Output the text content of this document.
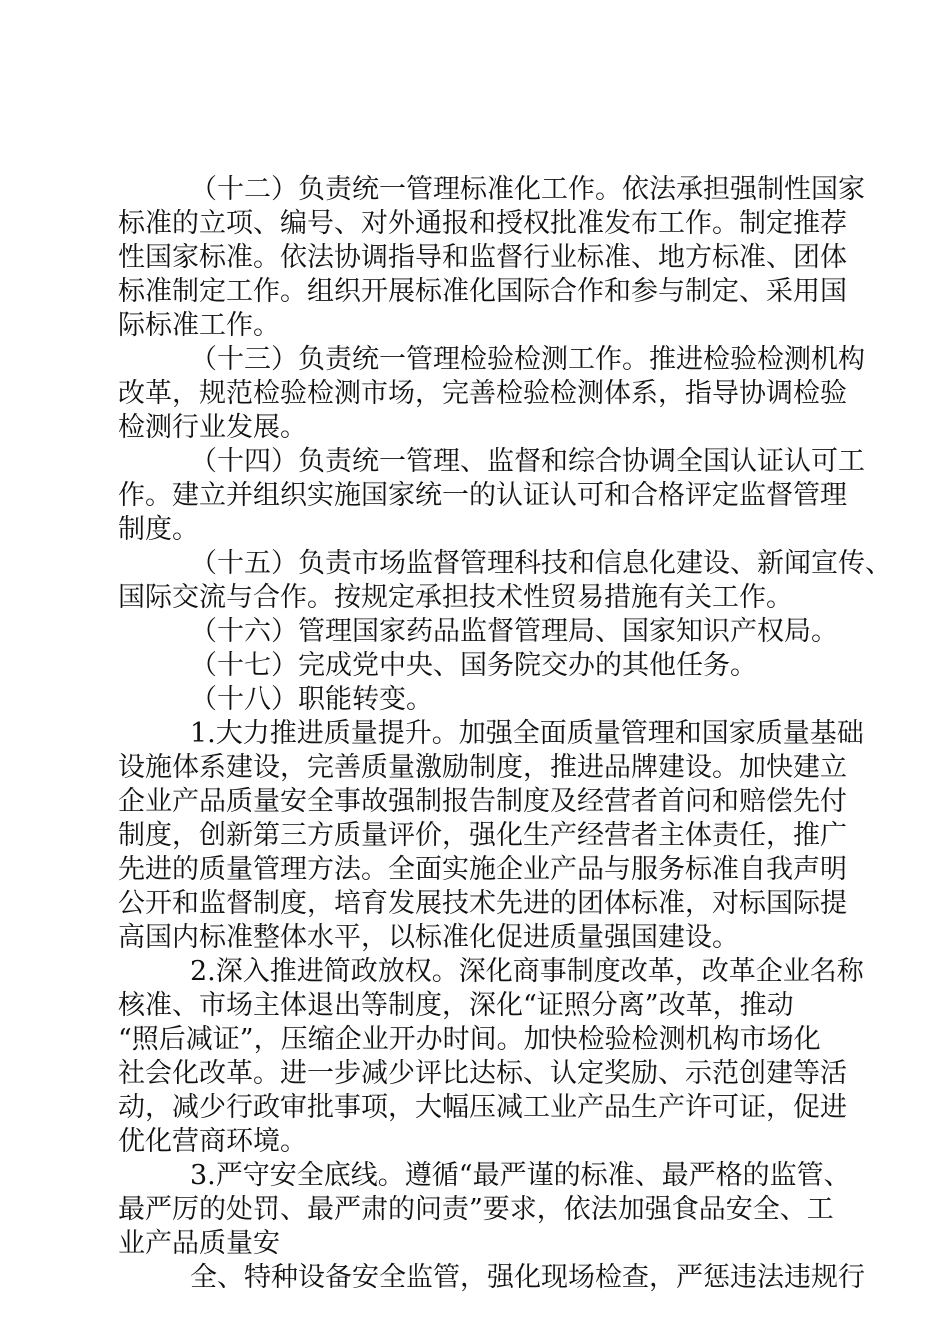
（十二）负责统一管理标准化工作。依法承担强制性国家
标准的立项、编号、对外通报和授权批准发布工作。制定推荐
性国家标准。依法协调指导和监督行业标准、地方标准、团体
标准制定工作。组织开展标准化国际合作和参与制定、采用国
际标准工作。
（十三）负责统一管理检验检测工作。推进检验检测机构
改革，规范检验检测市场，完善检验检测体系，指导协调检验
检测行业发展。
（十四）负责统一管理、监督和综合协调全国认证认可工
作。建立并组织实施国家统一的认证认可和合格评定监督管理
制度。
（十五）负责市场监督管理科技和信息化建设、新闻宣传、
国际交流与合作。按规定承担技术性贸易措施有关工作。
（十六）管理国家药品监督管理局、国家知识产权局。
（十七）完成党中央、国务院交办的其他任务。
（十八）职能转变。
1.大力推进质量提升。加强全面质量管理和国家质量基础
设施体系建设，完善质量激励制度，推进品牌建设。加快建立
企业产品质量安全事故强制报告制度及经营者首问和赔偿先付
制度，创新第三方质量评价，强化生产经营者主体责任，推广
先进的质量管理方法。全面实施企业产品与服务标准自我声明
公开和监督制度，培育发展技术先进的团体标准，对标国际提
高国内标准整体水平，以标准化促进质量强国建设。
2.深入推进简政放权。深化商事制度改革，改革企业名称
核准、市场主体退出等制度，深化“证照分离”改革，推动
“照后减证”，压缩企业开办时间。加快检验检测机构市场化
社会化改革。进一步减少评比达标、认定奖励、示范创建等活
动，减少行政审批事项，大幅压减工业产品生产许可证，促进
优化营商环境。
3.严守安全底线。遵循“最严谨的标准、最严格的监管、
最严厉的处罚、最严肃的问责”要求，依法加强食品安全、工
业产品质量安
全、特种设备安全监管，强化现场检查，严惩违法违规行
